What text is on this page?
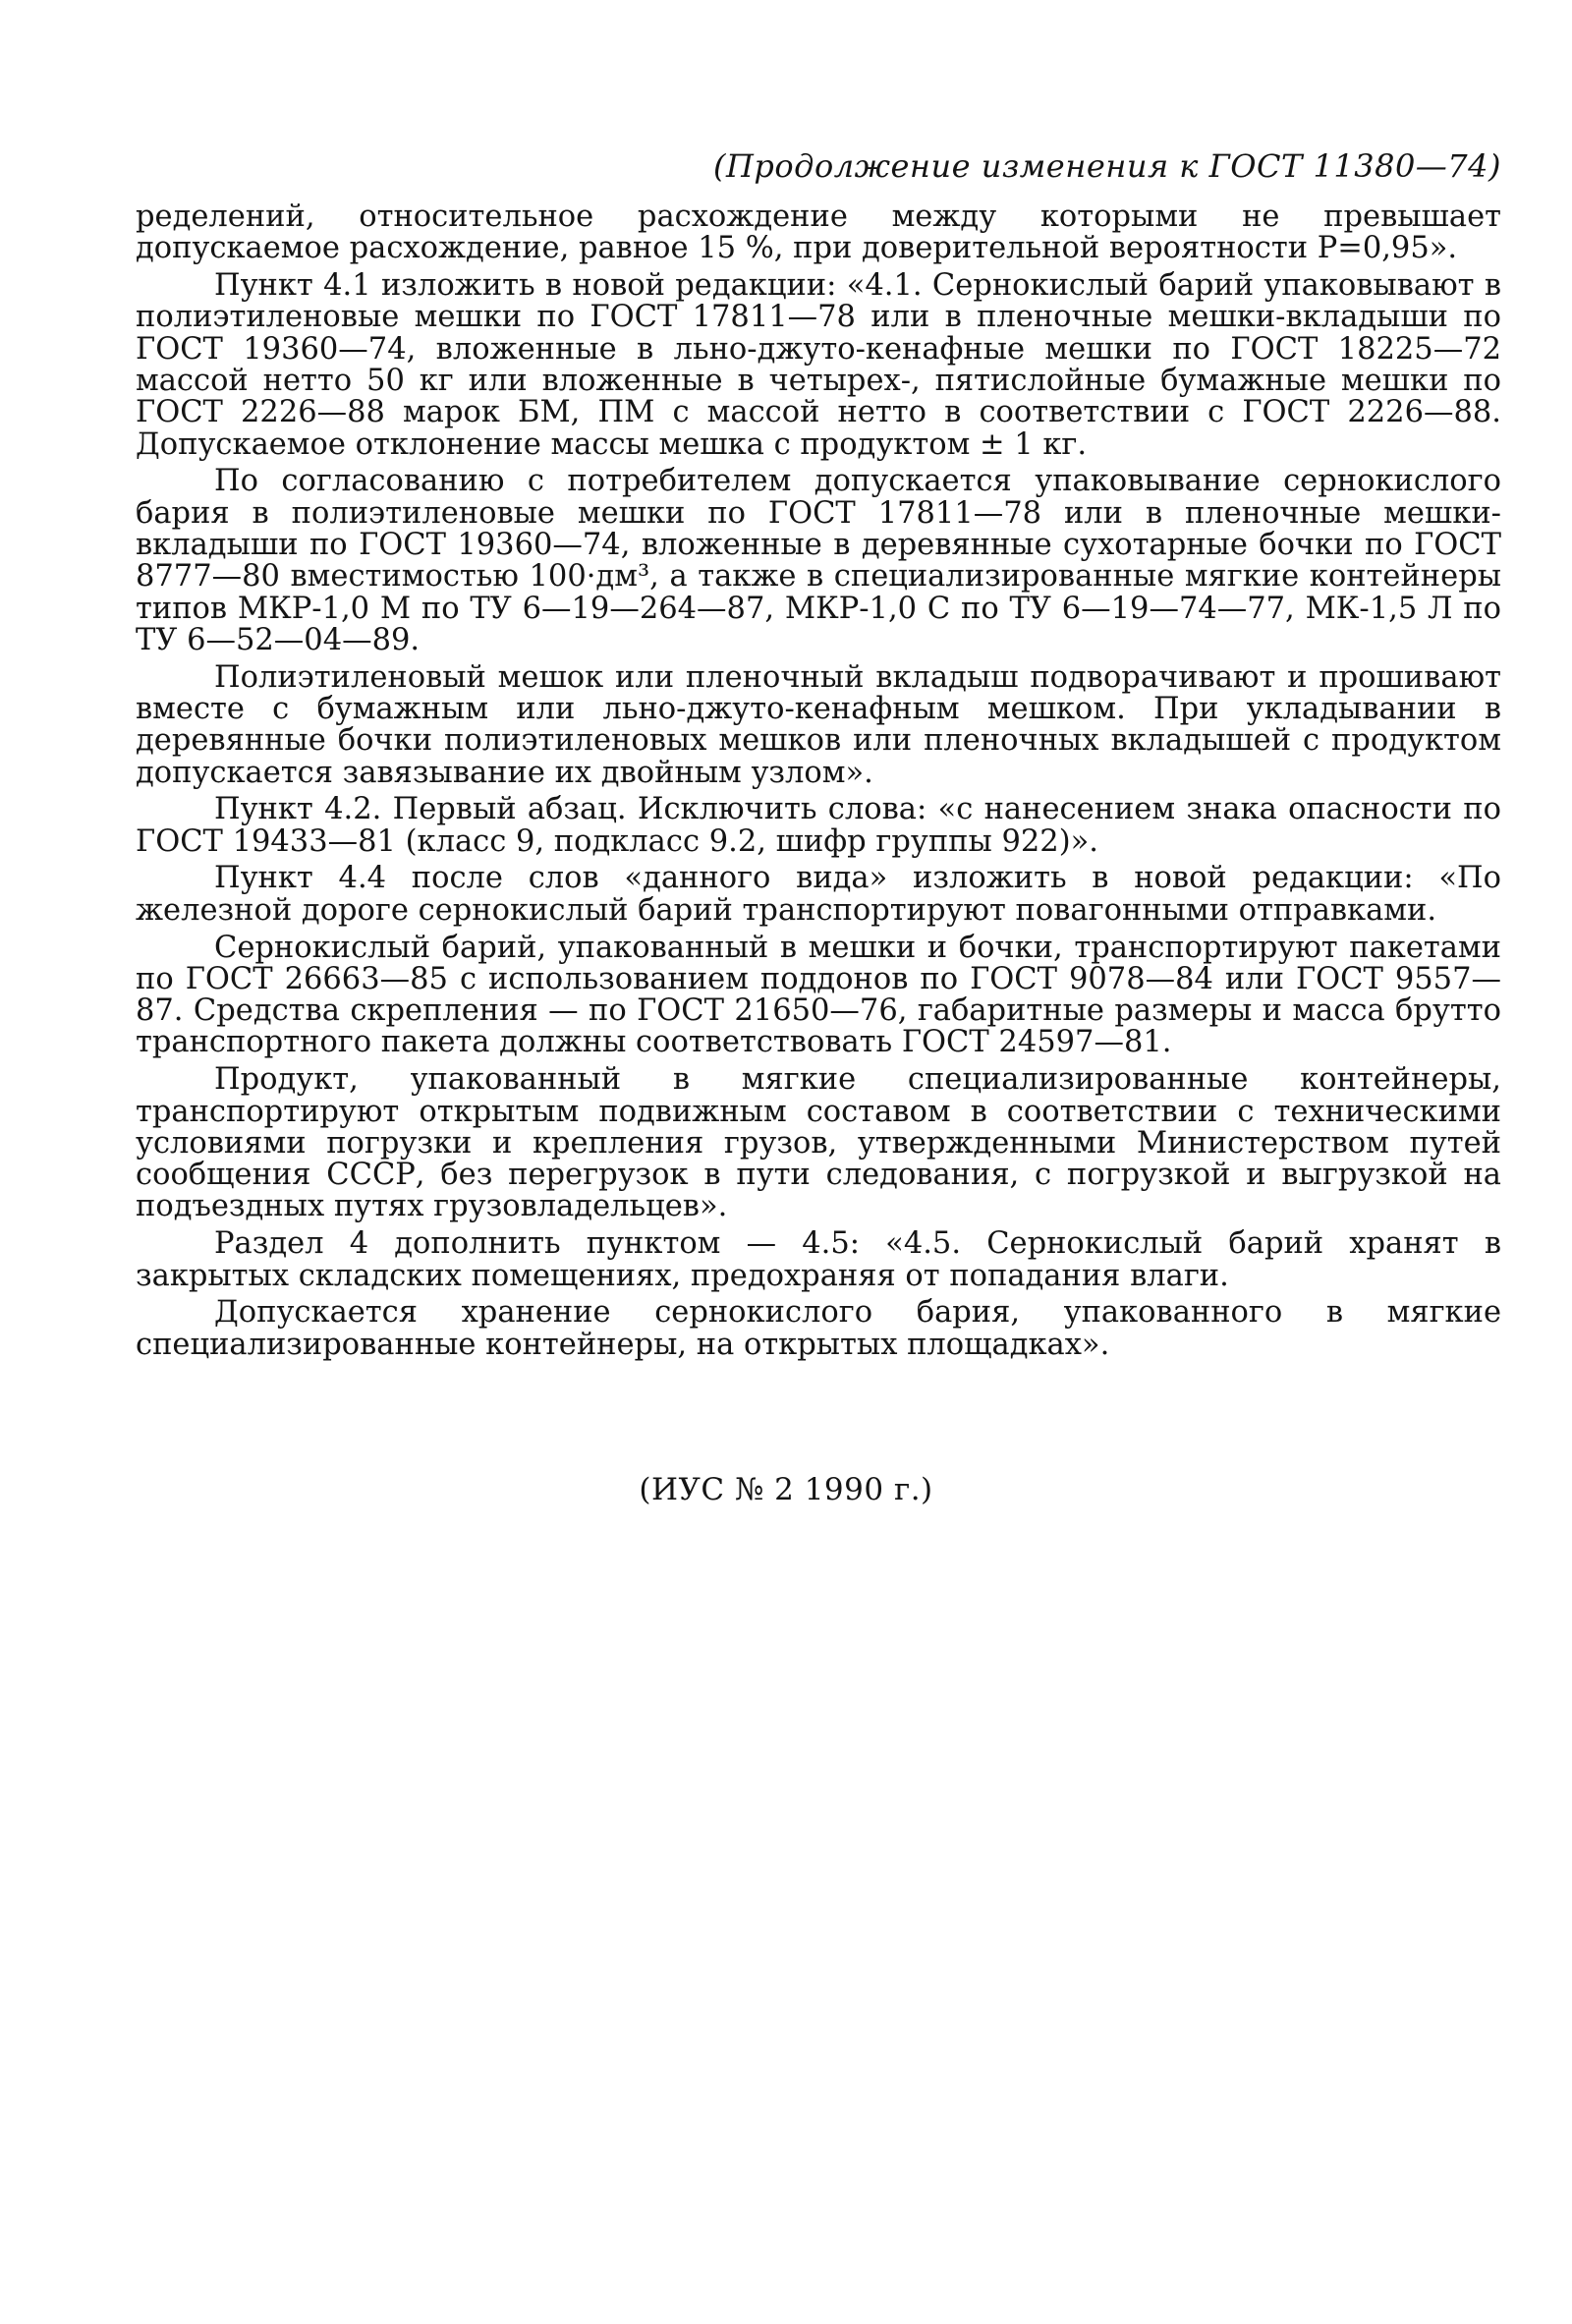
(Продолжение изменения к ГОСТ 11380—74)

ределений, относительное расхождение между которыми не превышает допускаемое расхождение, равное 15 %, при доверительной вероятности P=0,95».

Пункт 4.1 изложить в новой редакции: «4.1. Сернокислый барий упаковывают в полиэтиленовые мешки по ГОСТ 17811—78 или в пленочные мешки-вкладыши по ГОСТ 19360—74, вложенные в льно-джуто-кенафные мешки по ГОСТ 18225—72 массой нетто 50 кг или вложенные в четырех-, пятислойные бумажные мешки по ГОСТ 2226—88 марок БМ, ПМ с массой нетто в соответствии с ГОСТ 2226—88. Допускаемое отклонение массы мешка с продуктом ± 1 кг.

По согласованию с потребителем допускается упаковывание сернокислого бария в полиэтиленовые мешки по ГОСТ 17811—78 или в пленочные мешки-вкладыши по ГОСТ 19360—74, вложенные в деревянные сухотарные бочки по ГОСТ 8777—80 вместимостью 100·дм³, а также в специализированные мягкие контейнеры типов МКР-1,0 М по ТУ 6—19—264—87, МКР-1,0 С по ТУ 6—19—74—77, МК-1,5 Л по ТУ 6—52—04—89.

Полиэтиленовый мешок или пленочный вкладыш подворачивают и прошивают вместе с бумажным или льно-джуто-кенафным мешком. При укладывании в деревянные бочки полиэтиленовых мешков или пленочных вкладышей с продуктом допускается завязывание их двойным узлом».

Пункт 4.2. Первый абзац. Исключить слова: «с нанесением знака опасности по ГОСТ 19433—81 (класс 9, подкласс 9.2, шифр группы 922)».

Пункт 4.4 после слов «данного вида» изложить в новой редакции: «По железной дороге сернокислый барий транспортируют повагонными отправками.

Сернокислый барий, упакованный в мешки и бочки, транспортируют пакетами по ГОСТ 26663—85 с использованием поддонов по ГОСТ 9078—84 или ГОСТ 9557—87. Средства скрепления — по ГОСТ 21650—76, габаритные размеры и масса брутто транспортного пакета должны соответствовать ГОСТ 24597—81.

Продукт, упакованный в мягкие специализированные контейнеры, транспортируют открытым подвижным составом в соответствии с техническими условиями погрузки и крепления грузов, утвержденными Министерством путей сообщения СССР, без перегрузок в пути следования, с погрузкой и выгрузкой на подъездных путях грузовладельцев».

Раздел 4 дополнить пунктом — 4.5: «4.5. Сернокислый барий хранят в закрытых складских помещениях, предохраняя от попадания влаги.

Допускается хранение сернокислого бария, упакованного в мягкие специализированные контейнеры, на открытых площадках».

(ИУС № 2 1990 г.)
